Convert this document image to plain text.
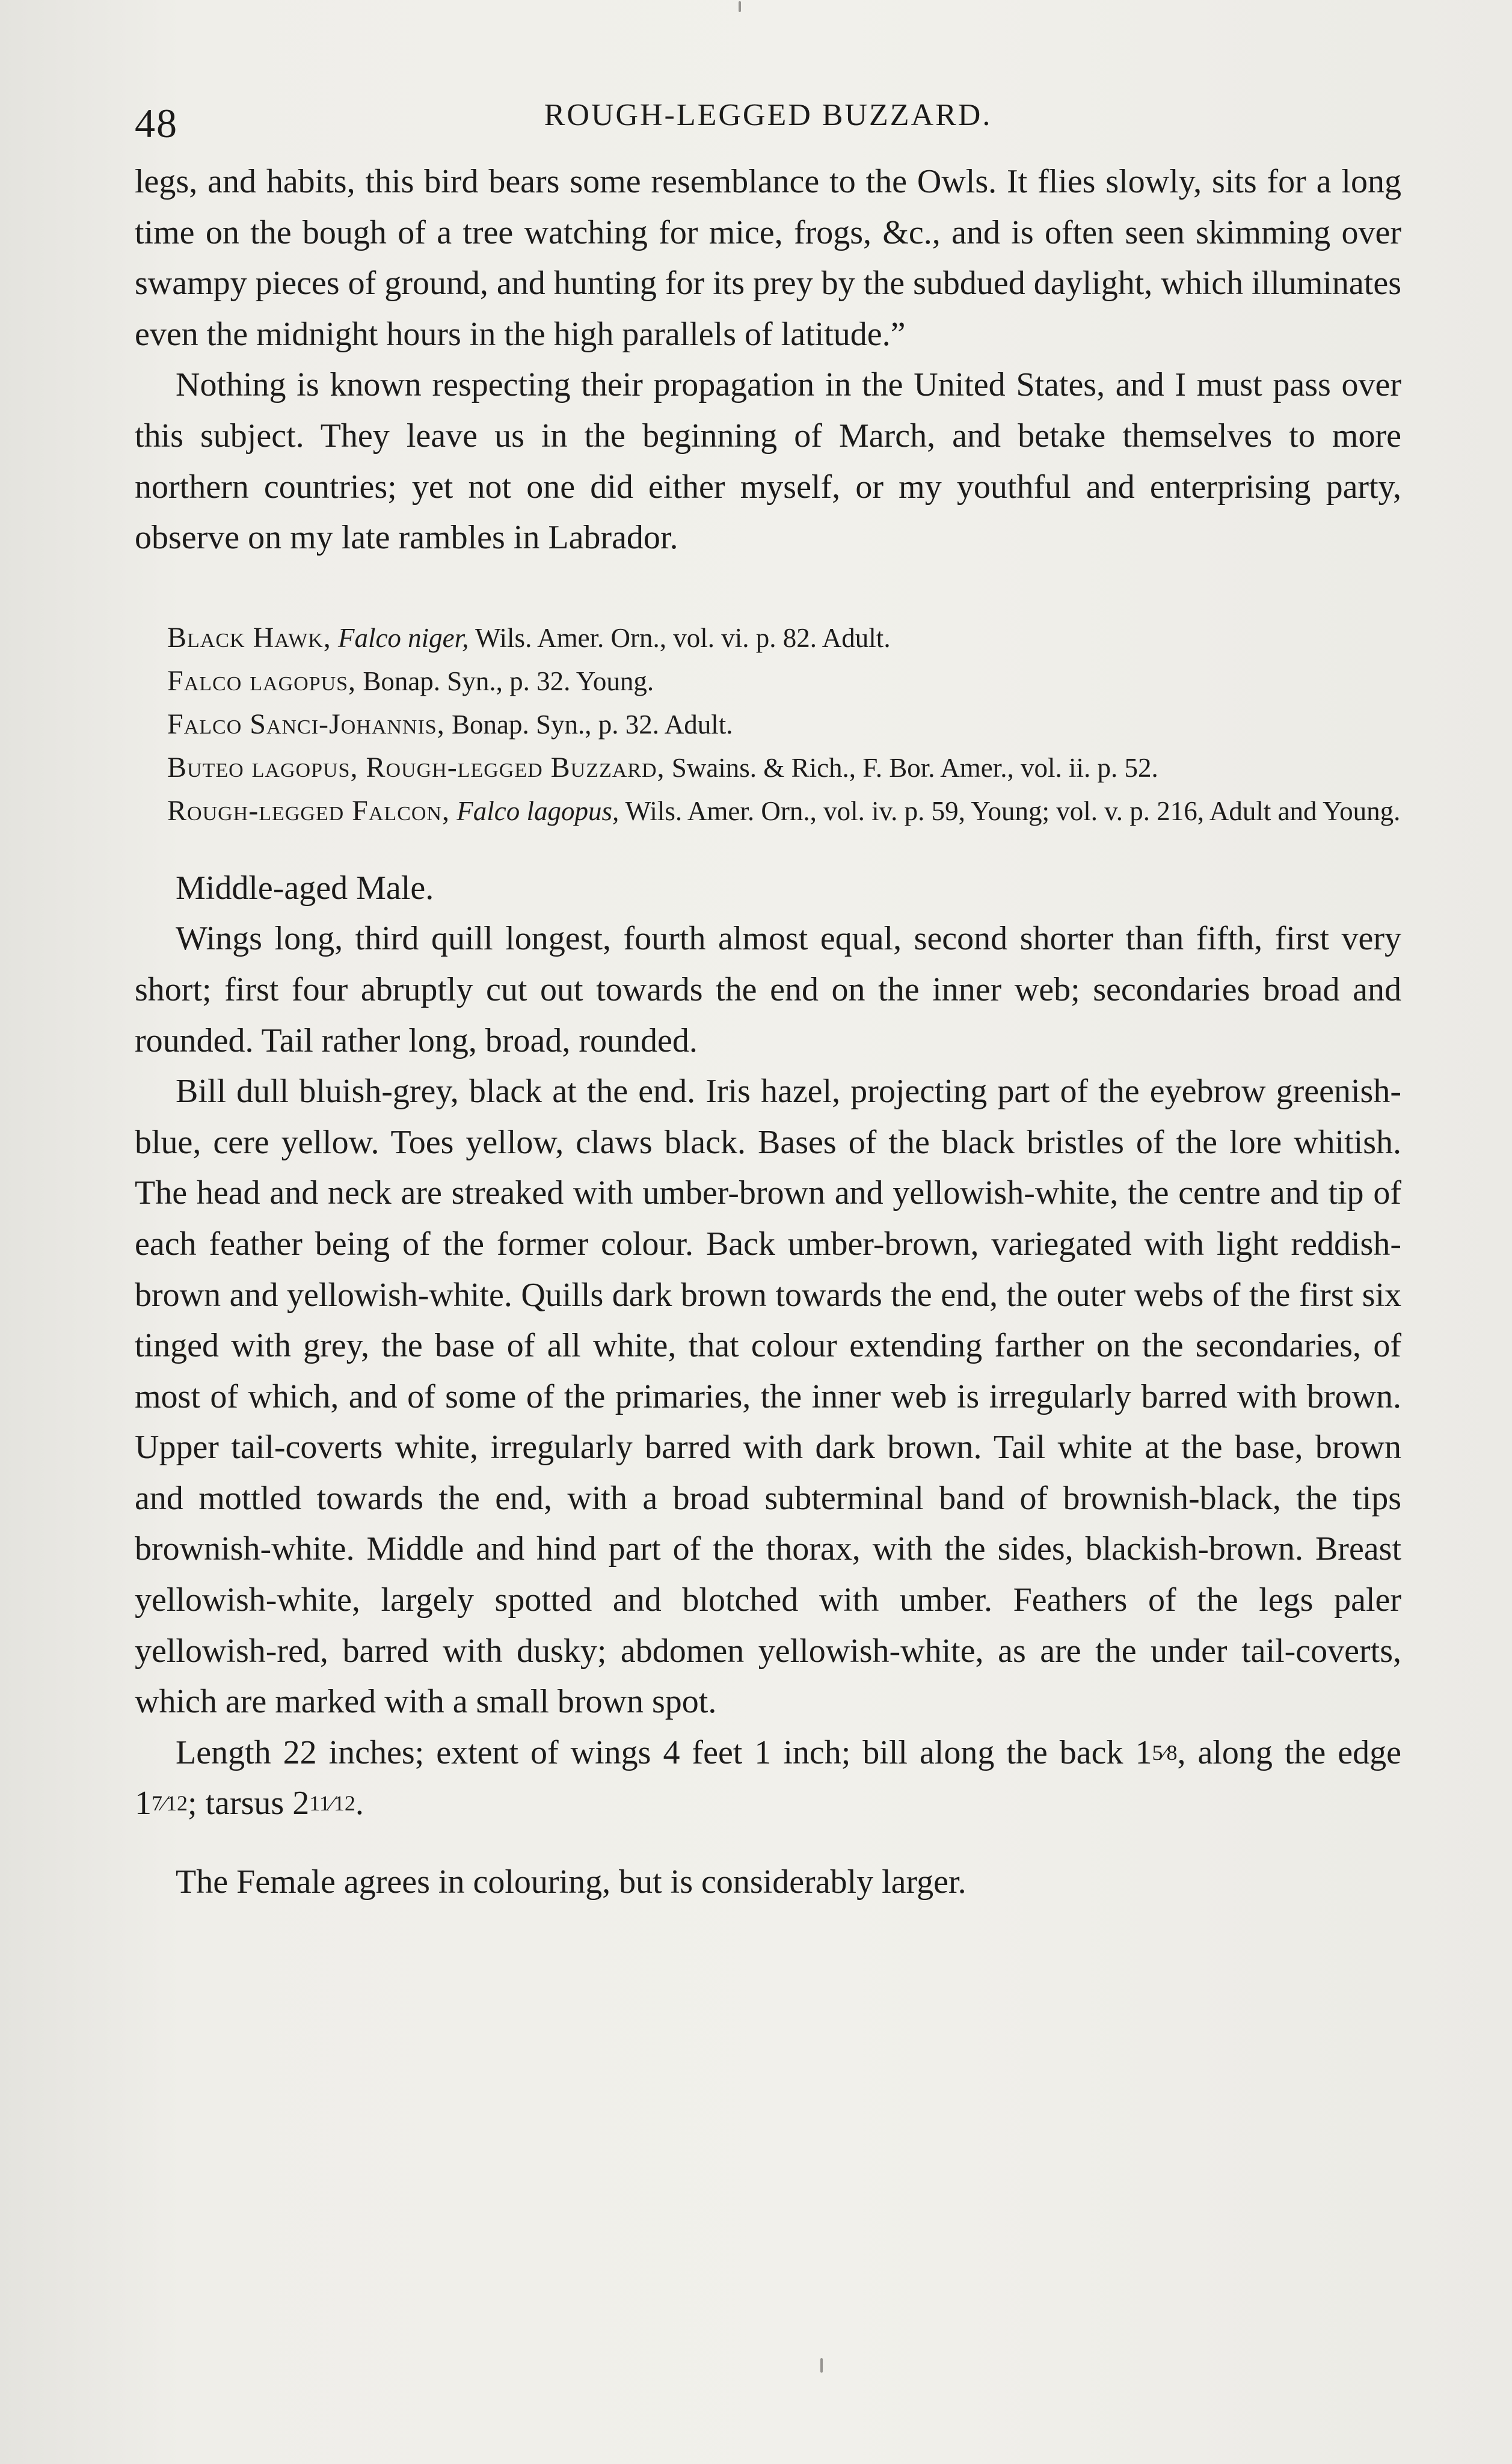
48	ROUGH-LEGGED BUZZARD.

legs, and habits, this bird bears some resemblance to the Owls. It flies slowly, sits for a long time on the bough of a tree watching for mice, frogs, &c., and is often seen skimming over swampy pieces of ground, and hunting for its prey by the subdued daylight, which illuminates even the midnight hours in the high parallels of latitude.”

Nothing is known respecting their propagation in the United States, and I must pass over this subject. They leave us in the beginning of March, and betake themselves to more northern countries; yet not one did either myself, or my youthful and enterprising party, observe on my late rambles in Labrador.

Black Hawk, Falco niger, Wils. Amer. Orn., vol. vi. p. 82. Adult.

Falco lagopus, Bonap. Syn., p. 32. Young.

Falco Sanci-Johannis, Bonap. Syn., p. 32. Adult.

Buteo lagopus, Rough-legged Buzzard, Swains. & Rich., F. Bor. Amer., vol. ii. p. 52.

Rough-legged Falcon, Falco lagopus, Wils. Amer. Orn., vol. iv. p. 59, Young; vol. v. p. 216, Adult and Young.

Middle-aged Male.

Wings long, third quill longest, fourth almost equal, second shorter than fifth, first very short; first four abruptly cut out towards the end on the inner web; secondaries broad and rounded. Tail rather long, broad, rounded.

Bill dull bluish-grey, black at the end. Iris hazel, projecting part of the eyebrow greenish-blue, cere yellow. Toes yellow, claws black. Bases of the black bristles of the lore whitish. The head and neck are streaked with umber-brown and yellowish-white, the centre and tip of each feather being of the former colour. Back umber-brown, variegated with light reddish-brown and yellowish-white. Quills dark brown towards the end, the outer webs of the first six tinged with grey, the base of all white, that colour extending farther on the secondaries, of most of which, and of some of the primaries, the inner web is irregularly barred with brown. Upper tail-coverts white, irregularly barred with dark brown. Tail white at the base, brown and mottled towards the end, with a broad subterminal band of brownish-black, the tips brownish-white. Middle and hind part of the thorax, with the sides, blackish-brown. Breast yellowish-white, largely spotted and blotched with umber. Feathers of the legs paler yellowish-red, barred with dusky; abdomen yellowish-white, as are the under tail-coverts, which are marked with a small brown spot.

Length 22 inches; extent of wings 4 feet 1 inch; bill along the back 15⁄8, along the edge 17⁄12; tarsus 211⁄12.

The Female agrees in colouring, but is considerably larger.
